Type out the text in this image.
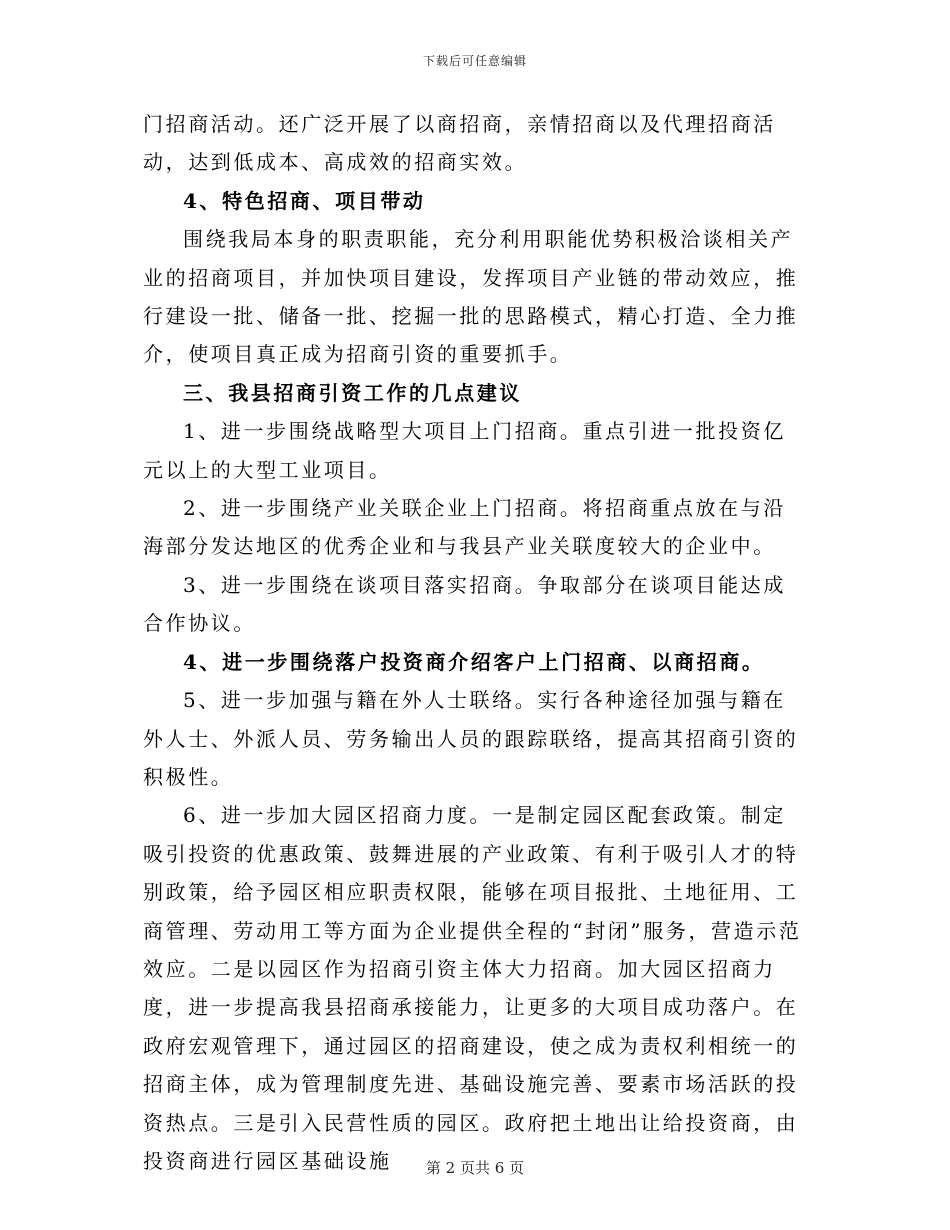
下载后可任意编辑

门招商活动。还广泛开展了以商招商，亲情招商以及代理招商活动，达到低成本、高成效的招商实效。

4、特色招商、项目带动

围绕我局本身的职责职能，充分利用职能优势积极洽谈相关产业的招商项目，并加快项目建设，发挥项目产业链的带动效应，推行建设一批、储备一批、挖掘一批的思路模式，精心打造、全力推介，使项目真正成为招商引资的重要抓手。

三、我县招商引资工作的几点建议

1、进一步围绕战略型大项目上门招商。重点引进一批投资亿元以上的大型工业项目。

2、进一步围绕产业关联企业上门招商。将招商重点放在与沿海部分发达地区的优秀企业和与我县产业关联度较大的企业中。

3、进一步围绕在谈项目落实招商。争取部分在谈项目能达成合作协议。

4、进一步围绕落户投资商介绍客户上门招商、以商招商。

5、进一步加强与籍在外人士联络。实行各种途径加强与籍在外人士、外派人员、劳务输出人员的跟踪联络，提高其招商引资的积极性。

6、进一步加大园区招商力度。一是制定园区配套政策。制定吸引投资的优惠政策、鼓舞进展的产业政策、有利于吸引人才的特别政策，给予园区相应职责权限，能够在项目报批、土地征用、工商管理、劳动用工等方面为企业提供全程的“封闭”服务，营造示范效应。二是以园区作为招商引资主体大力招商。加大园区招商力度，进一步提高我县招商承接能力，让更多的大项目成功落户。在政府宏观管理下，通过园区的招商建设，使之成为责权利相统一的招商主体，成为管理制度先进、基础设施完善、要素市场活跃的投资热点。三是引入民营性质的园区。政府把土地出让给投资商，由投资商进行园区基础设施	第 2 页共 6 页
